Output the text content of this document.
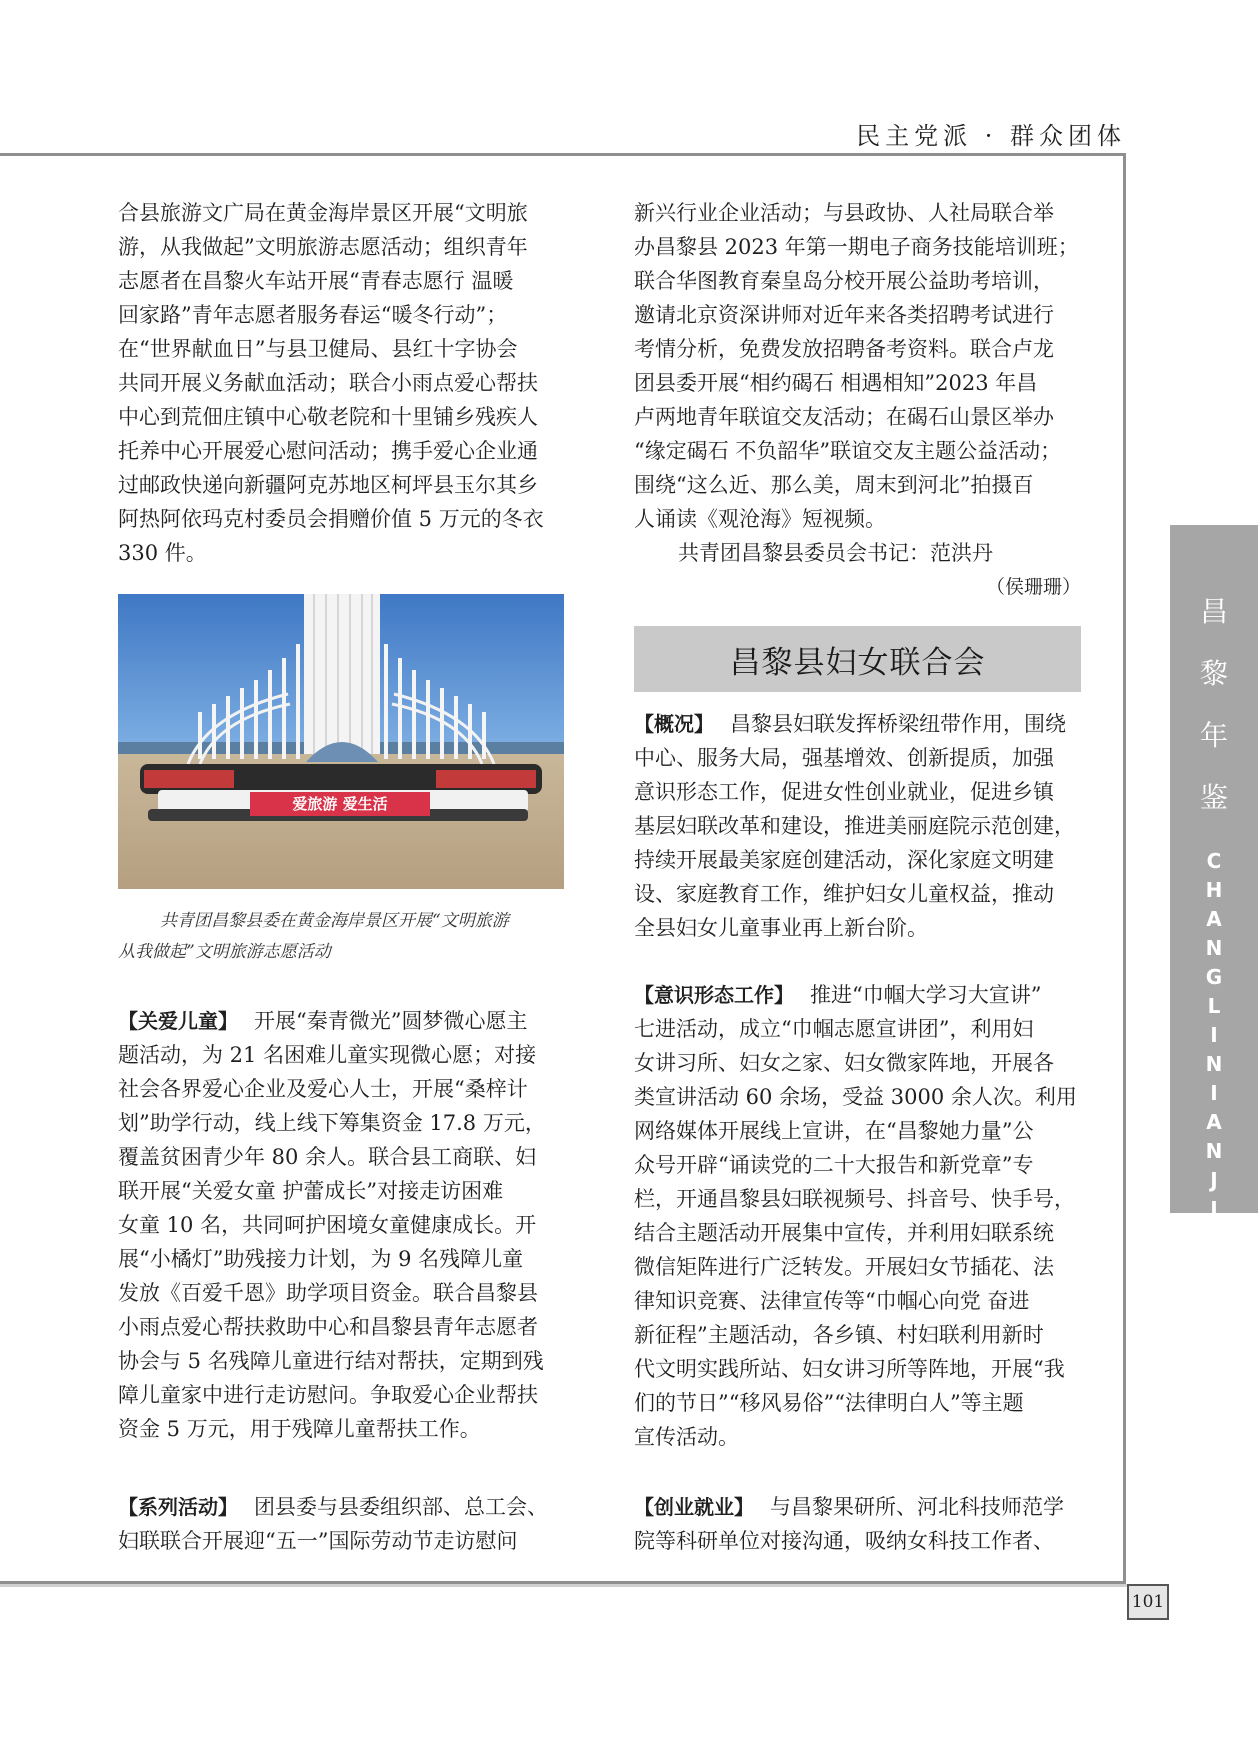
民主党派 · 群众团体

合县旅游文广局在黄金海岸景区开展“文明旅

游，从我做起”文明旅游志愿活动；组织青年

志愿者在昌黎火车站开展“青春志愿行 温暖

回家路”青年志愿者服务春运“暖冬行动”；

在“世界献血日”与县卫健局、县红十字协会

共同开展义务献血活动；联合小雨点爱心帮扶

中心到荒佃庄镇中心敬老院和十里铺乡残疾人

托养中心开展爱心慰问活动；携手爱心企业通

过邮政快递向新疆阿克苏地区柯坪县玉尔其乡

阿热阿依玛克村委员会捐赠价值 5 万元的冬衣

330 件。

爱旅游 爱生活

共青团昌黎县委在黄金海岸景区开展“文明旅游

从我做起”文明旅游志愿活动

【关爱儿童】 开展“秦青微光”圆梦微心愿主

题活动，为 21 名困难儿童实现微心愿；对接

社会各界爱心企业及爱心人士，开展“桑梓计

划”助学行动，线上线下筹集资金 17.8 万元，

覆盖贫困青少年 80 余人。联合县工商联、妇

联开展“关爱女童 护蕾成长”对接走访困难

女童 10 名，共同呵护困境女童健康成长。开

展“小橘灯”助残接力计划，为 9 名残障儿童

发放《百爱千恩》助学项目资金。联合昌黎县

小雨点爱心帮扶救助中心和昌黎县青年志愿者

协会与 5 名残障儿童进行结对帮扶，定期到残

障儿童家中进行走访慰问。争取爱心企业帮扶

资金 5 万元，用于残障儿童帮扶工作。

【系列活动】 团县委与县委组织部、总工会、

妇联联合开展迎“五一”国际劳动节走访慰问

新兴行业企业活动；与县政协、人社局联合举

办昌黎县 2023 年第一期电子商务技能培训班；

联合华图教育秦皇岛分校开展公益助考培训，

邀请北京资深讲师对近年来各类招聘考试进行

考情分析，免费发放招聘备考资料。联合卢龙

团县委开展“相约碣石 相遇相知”2023 年昌

卢两地青年联谊交友活动；在碣石山景区举办

“缘定碣石 不负韶华”联谊交友主题公益活动；

围绕“这么近、那么美，周末到河北”拍摄百

人诵读《观沧海》短视频。

共青团昌黎县委员会书记：范洪丹

（侯珊珊）

昌黎县妇女联合会

【概况】 昌黎县妇联发挥桥梁纽带作用，围绕

中心、服务大局，强基增效、创新提质，加强

意识形态工作，促进女性创业就业，促进乡镇

基层妇联改革和建设，推进美丽庭院示范创建，

持续开展最美家庭创建活动，深化家庭文明建

设、家庭教育工作，维护妇女儿童权益，推动

全县妇女儿童事业再上新台阶。

【意识形态工作】 推进“巾帼大学习大宣讲”

七进活动，成立“巾帼志愿宣讲团”，利用妇

女讲习所、妇女之家、妇女微家阵地，开展各

类宣讲活动 60 余场，受益 3000 余人次。利用

网络媒体开展线上宣讲，在“昌黎她力量”公

众号开辟“诵读党的二十大报告和新党章”专

栏，开通昌黎县妇联视频号、抖音号、快手号，

结合主题活动开展集中宣传，并利用妇联系统

微信矩阵进行广泛转发。开展妇女节插花、法

律知识竞赛、法律宣传等“巾帼心向党 奋进

新征程”主题活动，各乡镇、村妇联利用新时

代文明实践所站、妇女讲习所等阵地，开展“我

们的节日”“移风易俗”“法律明白人”等主题

宣传活动。

【创业就业】 与昌黎果研所、河北科技师范学

院等科研单位对接沟通，吸纳女科技工作者、

昌
黎
年
鉴
C
H
A
N
G
L
I
N
I
A
N
J
I
A
N
101
